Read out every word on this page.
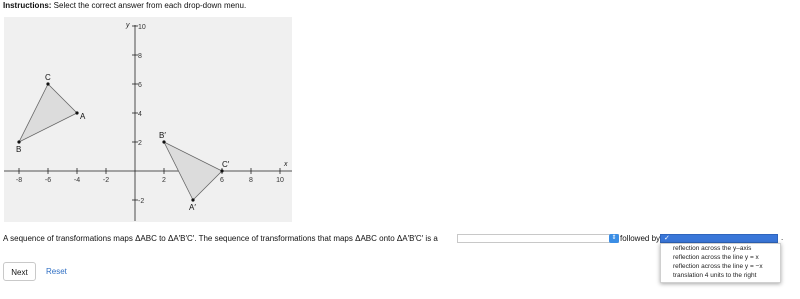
Instructions: Select the correct answer from each drop-down menu.
-8	-6	-4	-2	2	6	8	10
10
8
6
4
2
-2
x
y
A
B
C
A′
B′
C′
A sequence of transformations maps ΔABC to ΔA′B′C′. The sequence of transformations that maps ΔABC onto ΔA′B′C′ is a	⇕ followed by ✓	.
reflection across the y–axis
reflection across the line y = x
reflection across the line y = −x
translation 4 units to the right
Next	Reset
